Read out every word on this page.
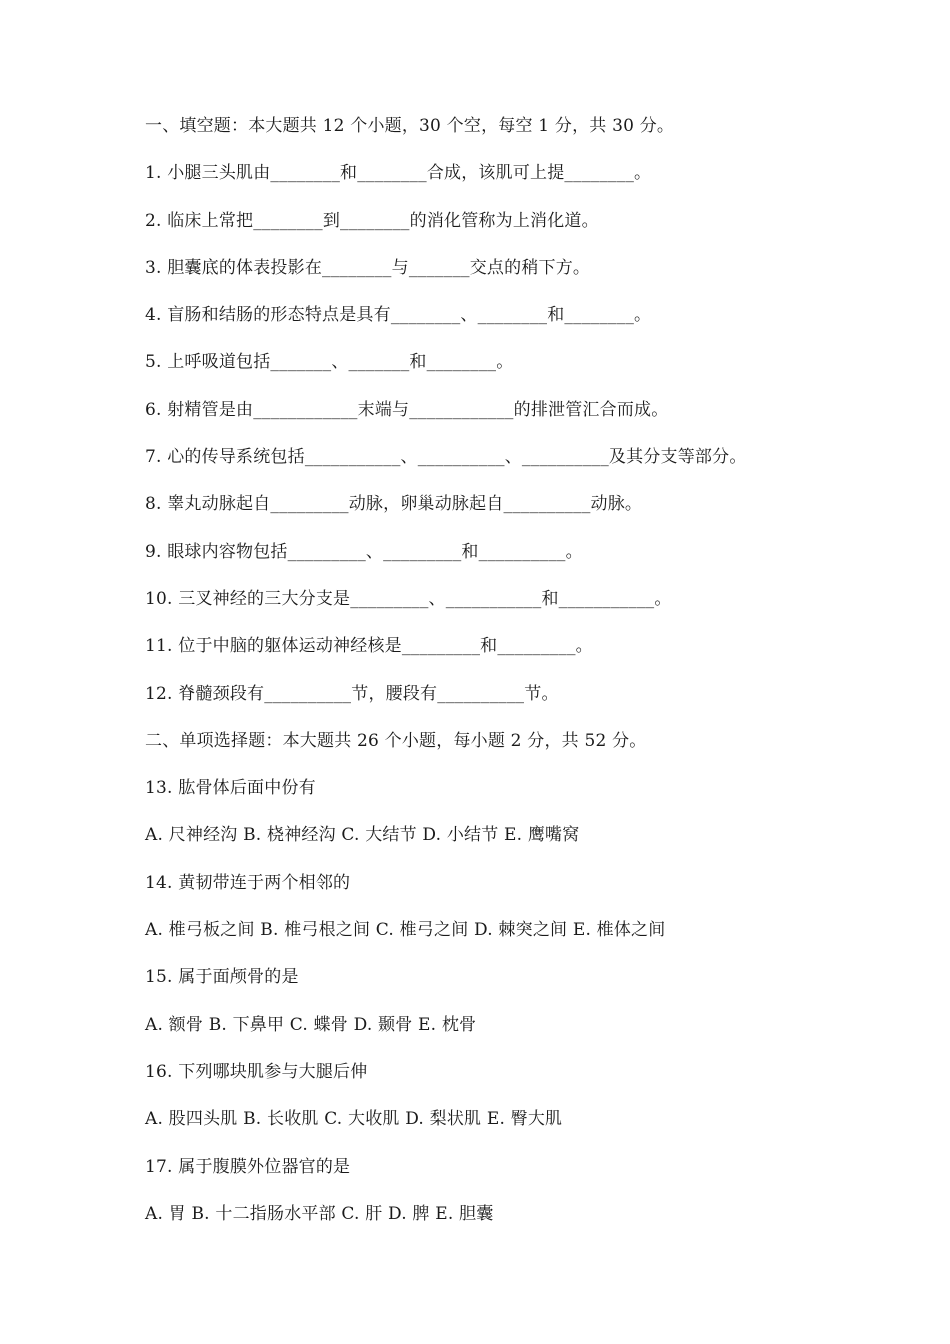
一、填空题：本大题共 12 个小题，30 个空，每空 1 分，共 30 分。
1. 小腿三头肌由________和________合成，该肌可上提________。
2. 临床上常把________到________的消化管称为上消化道。
3. 胆囊底的体表投影在________与_______交点的稍下方。
4. 盲肠和结肠的形态特点是具有________、________和________。
5. 上呼吸道包括_______、_______和________。
6. 射精管是由____________末端与____________的排泄管汇合而成。
7. 心的传导系统包括___________、__________、__________及其分支等部分。
8. 睾丸动脉起自_________动脉，卵巢动脉起自__________动脉。
9. 眼球内容物包括_________、_________和__________。
10. 三叉神经的三大分支是_________、___________和___________。
11. 位于中脑的躯体运动神经核是_________和_________。
12. 脊髓颈段有__________节，腰段有__________节。
二、单项选择题：本大题共 26 个小题，每小题 2 分，共 52 分。
13. 肱骨体后面中份有
A. 尺神经沟 B. 桡神经沟 C. 大结节 D. 小结节 E. 鹰嘴窝
14. 黄韧带连于两个相邻的
A. 椎弓板之间 B. 椎弓根之间 C. 椎弓之间 D. 棘突之间 E. 椎体之间
15. 属于面颅骨的是
A. 额骨 B. 下鼻甲 C. 蝶骨 D. 颞骨 E. 枕骨
16. 下列哪块肌参与大腿后伸
A. 股四头肌 B. 长收肌 C. 大收肌 D. 梨状肌 E. 臀大肌
17. 属于腹膜外位器官的是
A. 胃 B. 十二指肠水平部 C. 肝 D. 脾 E. 胆囊
